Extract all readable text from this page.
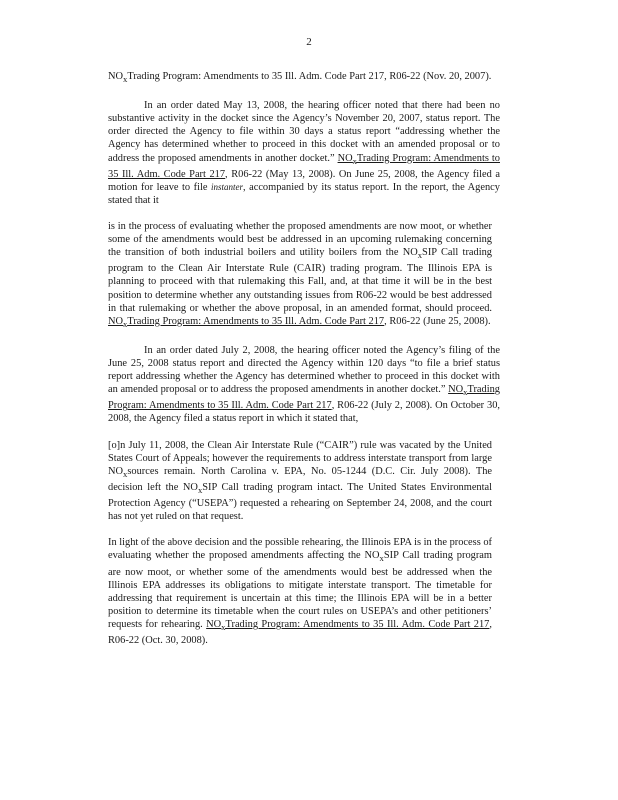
2

$NO_xTrading$ Program: Amendments to 35 Ill. Adm. Code Part 217, R06-22 (Nov. 20, 2007).

In an order dated May 13, 2008, the hearing officer noted that there had been no substantive activity in the docket since the Agency’s November 20, 2007, status report. The order directed the Agency to file within 30 days a status report “addressing whether the Agency has determined whether to proceed in this docket with an amended proposal or to address the proposed amendments in another docket.” $NO_xTrading$ Program: Amendments to 35 Ill. Adm. Code Part 217, R06-22 (May 13, 2008). On June 25, 2008, the Agency filed a motion for leave to file instanter, accompanied by its status report. In the report, the Agency stated that it

is in the process of evaluating whether the proposed amendments are now moot, or whether some of the amendments would best be addressed in an upcoming rulemaking concerning the transition of both industrial boilers and utility boilers from the $NO_xSIP$ Call trading program to the Clean Air Interstate Rule (CAIR) trading program. The Illinois EPA is planning to proceed with that rulemaking this Fall, and, at that time it will be in the best position to determine whether any outstanding issues from R06-22 would be best addressed in that rulemaking or whether the above proposal, in an amended format, should proceed. $NO_xTrading$ Program: Amendments to 35 Ill. Adm. Code Part 217, R06-22 (June 25, 2008).

In an order dated July 2, 2008, the hearing officer noted the Agency’s filing of the June 25, 2008 status report and directed the Agency within 120 days “to file a brief status report addressing whether the Agency has determined whether to proceed in this docket with an amended proposal or to address the proposed amendments in another docket.” $NO_xTrading$ Program: Amendments to 35 Ill. Adm. Code Part 217, R06-22 (July 2, 2008). On October 30, 2008, the Agency filed a status report in which it stated that,

[o]n July 11, 2008, the Clean Air Interstate Rule (“CAIR”) rule was vacated by the United States Court of Appeals; however the requirements to address interstate transport from large $NO_xsources$ remain. North Carolina v. EPA, No. 05-1244 (D.C. Cir. July 2008). The decision left the $NO_xSIP$ Call trading program intact. The United States Environmental Protection Agency (“USEPA”) requested a rehearing on September 24, 2008, and the court has not yet ruled on that request.

In light of the above decision and the possible rehearing, the Illinois EPA is in the process of evaluating whether the proposed amendments affecting the $NO_xSIP$ Call trading program are now moot, or whether some of the amendments would best be addressed when the Illinois EPA addresses its obligations to mitigate interstate transport. The timetable for addressing that requirement is uncertain at this time; the Illinois EPA will be in a better position to determine its timetable when the court rules on USEPA’s and other petitioners’ requests for rehearing. $NO_xTrading$ Program: Amendments to 35 Ill. Adm. Code Part 217, R06-22 (Oct. 30, 2008).
